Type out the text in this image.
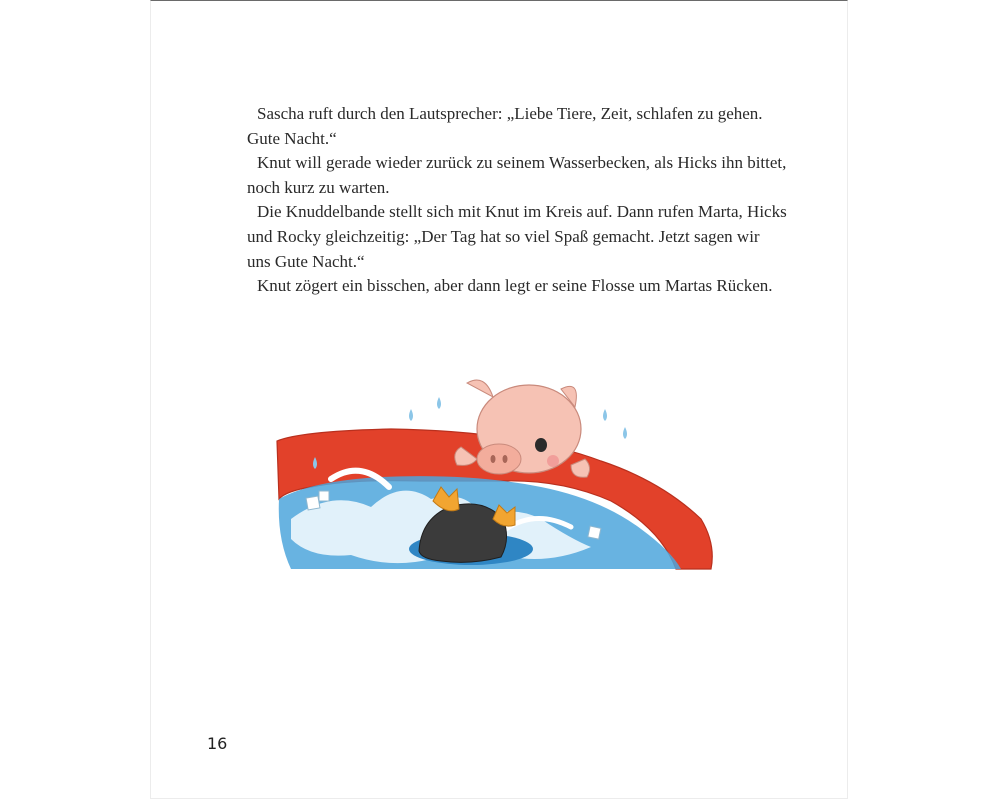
Sascha ruft durch den Lautsprecher: „Liebe Tiere, Zeit, schlafen zu gehen. Gute Nacht.“

Knut will gerade wieder zurück zu seinem Wasserbecken, als Hicks ihn bittet, noch kurz zu warten.

Die Knuddelbande stellt sich mit Knut im Kreis auf. Dann rufen Marta, Hicks und Rocky gleichzeitig: „Der Tag hat so viel Spaß gemacht. Jetzt sagen wir uns Gute Nacht.“

Knut zögert ein bisschen, aber dann legt er seine Flosse um Martas Rücken.

16
